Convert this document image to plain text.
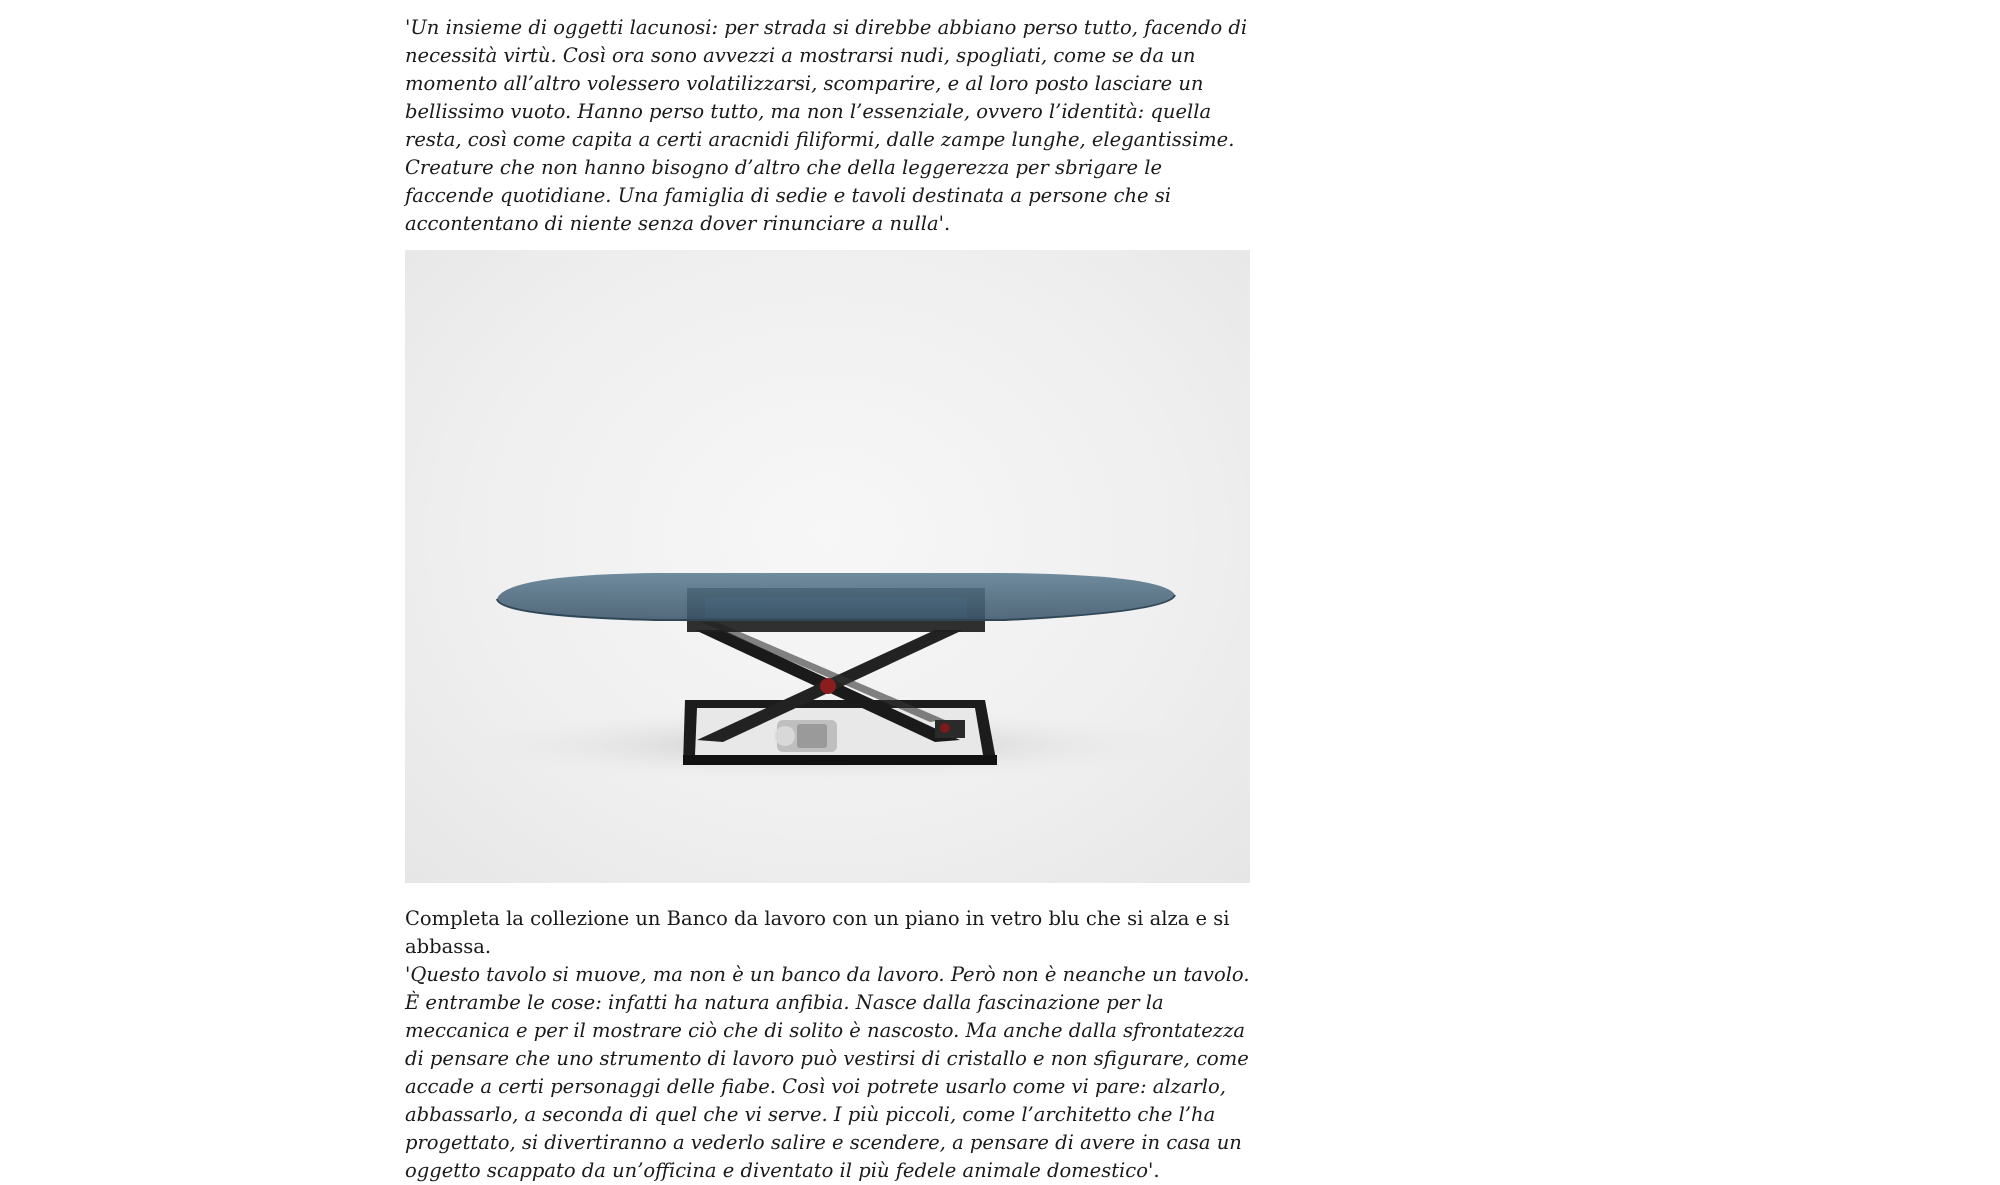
'Un insieme di oggetti lacunosi: per strada si direbbe abbiano perso tutto, facendo di necessità virtù. Così ora sono avvezzi a mostrarsi nudi, spogliati, come se da un momento all’altro volessero volatilizzarsi, scomparire, e al loro posto lasciare un bellissimo vuoto. Hanno perso tutto, ma non l’essenziale, ovvero l’identità: quella resta, così come capita a certi aracnidi filiformi, dalle zampe lunghe, elegantissime. Creature che non hanno bisogno d’altro che della leggerezza per sbrigare le faccende quotidiane. Una famiglia di sedie e tavoli destinata a persone che si accontentano di niente senza dover rinunciare a nulla'.

Completa la collezione un Banco da lavoro con un piano in vetro blu che si alza e si abbassa.

'Questo tavolo si muove, ma non è un banco da lavoro. Però non è neanche un tavolo. È entrambe le cose: infatti ha natura anfibia. Nasce dalla fascinazione per la meccanica e per il mostrare ciò che di solito è nascosto. Ma anche dalla sfrontatezza di pensare che uno strumento di lavoro può vestirsi di cristallo e non sfigurare, come accade a certi personaggi delle fiabe. Così voi potrete usarlo come vi pare: alzarlo, abbassarlo, a seconda di quel che vi serve. I più piccoli, come l’architetto che l’ha progettato, si divertiranno a vederlo salire e scendere, a pensare di avere in casa un oggetto scappato da un’officina e diventato il più fedele animale domestico'.
